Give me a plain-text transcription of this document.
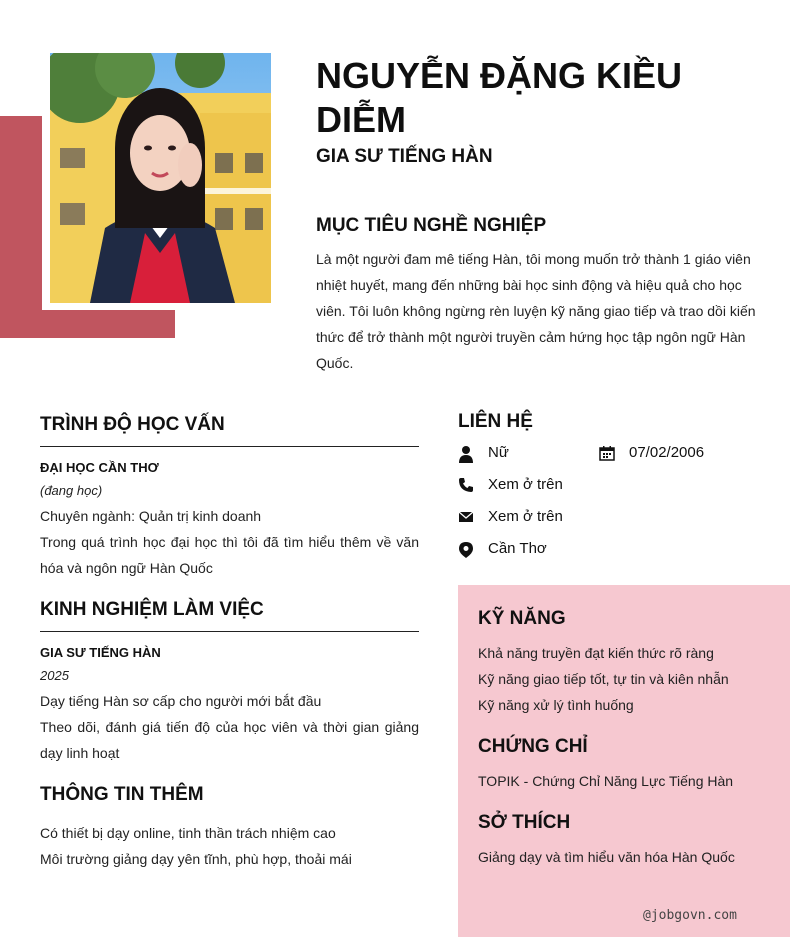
NGUYỄN ĐẶNG KIỀU DIỄM
GIA SƯ TIẾNG HÀN
MỤC TIÊU NGHỀ NGHIỆP

Là một người đam mê tiếng Hàn, tôi mong muốn trở thành 1 giáo viên nhiệt huyết, mang đến những bài học sinh động và hiệu quả cho học viên. Tôi luôn không ngừng rèn luyện kỹ năng giao tiếp và trao dồi kiến thức để trở thành một người truyền cảm hứng học tập ngôn ngữ Hàn Quốc.

TRÌNH ĐỘ HỌC VẤN
ĐẠI HỌC CẦN THƠ
(đang học)

Chuyên ngành: Quản trị kinh doanh

Trong quá trình học đại học thì tôi đã tìm hiểu thêm về văn hóa và ngôn ngữ Hàn Quốc

KINH NGHIỆM LÀM VIỆC
GIA SƯ TIẾNG HÀN
2025

Dạy tiếng Hàn sơ cấp cho người mới bắt đầu

Theo dõi, đánh giá tiến độ của học viên và thời gian giảng dạy linh hoạt

THÔNG TIN THÊM

Có thiết bị dạy online, tinh thần trách nhiệm cao

Môi trường giảng dạy yên tĩnh, phù hợp, thoải mái

LIÊN HỆ
Nữ	07/02/2006
Xem ở trên
Xem ở trên
Cần Thơ
KỸ NĂNG

Khả năng truyền đạt kiến thức rõ ràng

Kỹ năng giao tiếp tốt, tự tin và kiên nhẫn

Kỹ năng xử lý tình huống

CHỨNG CHỈ

TOPIK - Chứng Chỉ Năng Lực Tiếng Hàn

SỞ THÍCH

Giảng dạy và tìm hiểu văn hóa Hàn Quốc

@jobgovn.com
